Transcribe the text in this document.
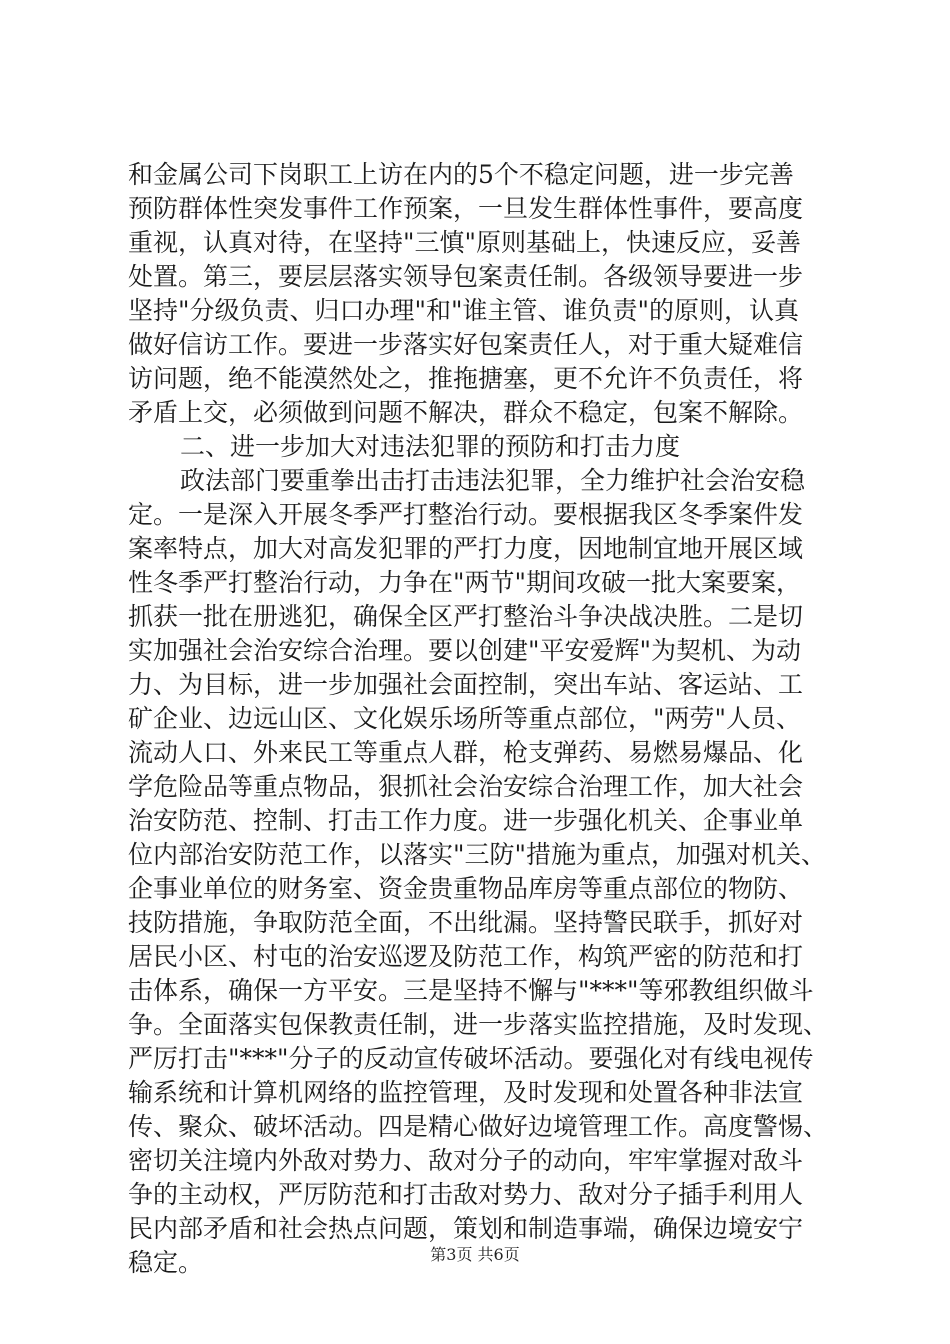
和金属公司下岗职工上访在内的5个不稳定问题，进一步完善
预防群体性突发事件工作预案，一旦发生群体性事件，要高度
重视，认真对待，在坚持"三慎"原则基础上，快速反应，妥善
处置。第三，要层层落实领导包案责任制。各级领导要进一步
坚持"分级负责、归口办理"和"谁主管、谁负责"的原则，认真
做好信访工作。要进一步落实好包案责任人，对于重大疑难信
访问题，绝不能漠然处之，推拖搪塞，更不允许不负责任，将
矛盾上交，必须做到问题不解决，群众不稳定，包案不解除。
二、进一步加大对违法犯罪的预防和打击力度
政法部门要重拳出击打击违法犯罪，全力维护社会治安稳
定。一是深入开展冬季严打整治行动。要根据我区冬季案件发
案率特点，加大对高发犯罪的严打力度，因地制宜地开展区域
性冬季严打整治行动，力争在"两节"期间攻破一批大案要案，
抓获一批在册逃犯，确保全区严打整治斗争决战决胜。二是切
实加强社会治安综合治理。要以创建"平安爱辉"为契机、为动
力、为目标，进一步加强社会面控制，突出车站、客运站、工
矿企业、边远山区、文化娱乐场所等重点部位，"两劳"人员、
流动人口、外来民工等重点人群，枪支弹药、易燃易爆品、化
学危险品等重点物品，狠抓社会治安综合治理工作，加大社会
治安防范、控制、打击工作力度。进一步强化机关、企事业单
位内部治安防范工作，以落实"三防"措施为重点，加强对机关、
企事业单位的财务室、资金贵重物品库房等重点部位的物防、
技防措施，争取防范全面，不出纰漏。坚持警民联手，抓好对
居民小区、村屯的治安巡逻及防范工作，构筑严密的防范和打
击体系，确保一方平安。三是坚持不懈与"***"等邪教组织做斗
争。全面落实包保教责任制，进一步落实监控措施，及时发现、
严厉打击"***"分子的反动宣传破坏活动。要强化对有线电视传
输系统和计算机网络的监控管理，及时发现和处置各种非法宣
传、聚众、破坏活动。四是精心做好边境管理工作。高度警惕、
密切关注境内外敌对势力、敌对分子的动向，牢牢掌握对敌斗
争的主动权，严厉防范和打击敌对势力、敌对分子插手利用人
民内部矛盾和社会热点问题，策划和制造事端，确保边境安宁
稳定。	第3页 共6页
